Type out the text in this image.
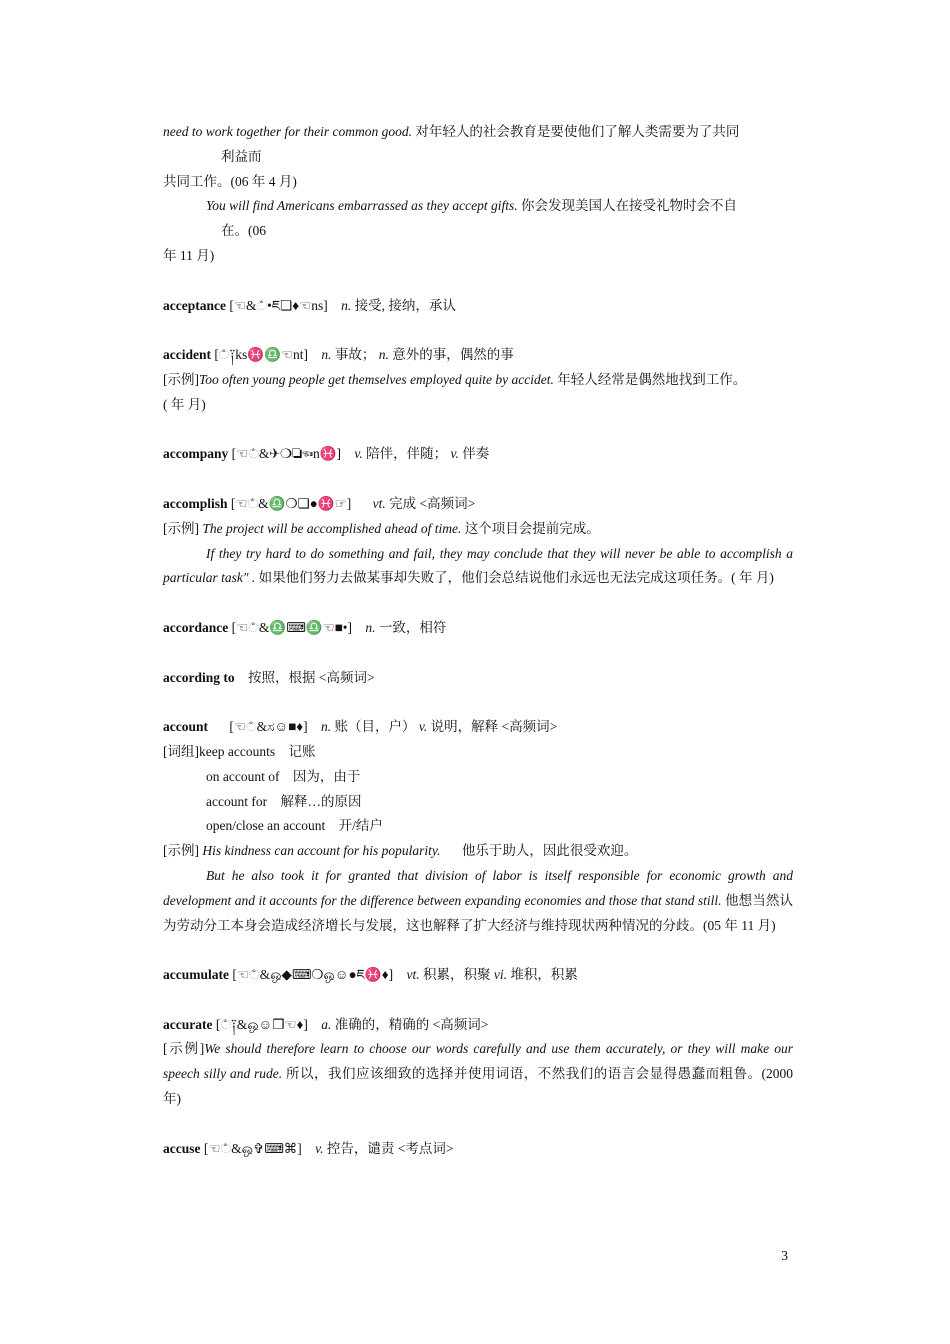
need to work together for their common good. 对年轻人的社会教育是要使他们了解人类需要为了共同
利益而
共同工作。(06 年 4 月)
You will find Americans embarrassed as they accept gifts. 你会发现美国人在接受礼物时会不自
在。(06
年 11 月)
acceptance [☜&ಁ•ཇ❏♦☜ns] n. 接受, 接纳，承认
accident [ಁ༑ks♓♎☜nt] n. 事故； n. 意外的事，偶然的事
[示例]Too often young people get themselves employed quite by accidet. 年轻人经常是偶然地找到工作。
( 年 月)
accompany [☜ಁ&✈❍❏☜n♓] v. 陪伴，伴随； v. 伴奏
accomplish [☜ಁ&♎❍❏●♓☞] vt. 完成 <高频词>
[示例] The project will be accomplished ahead of time. 这个项目会提前完成。
If they try hard to do something and fail, they may conclude that they will never be able to accomplish a particular task" . 如果他们努力去做某事却失败了，他们会总结说他们永远也无法完成这项任务。( 年 月)
accordance [☜ಁ&♎⌨♎☜■•] n. 一致，相符
according to 按照，根据 <高频词>
account [☜ಁ&ಸ☺■♦] n. 账（目，户） v. 说明，解释 <高频词>
[词组]keep accounts 记账
on account of 因为，由于
account for 解释…的原因
open/close an account 开/结户
[示例] His kindness can account for his popularity. 他乐于助人，因此很受欢迎。
But he also took it for granted that division of labor is itself responsible for economic growth and development and it accounts for the difference between expanding economies and those that stand still. 他想当然认为劳动分工本身会造成经济增长与发展，这也解释了扩大经济与维持现状两种情况的分歧。(05 年 11 月)
accumulate [☜ಁ&ஒ◆⌨❍ஒ☺●ཇ♓♦] vt. 积累，积聚 vi. 堆积，积累
accurate [ಁ༑&ஒ☺❒☜♦] a. 准确的，精确的 <高频词>
[示例]We should therefore learn to choose our words carefully and use them accurately, or they will make our speech silly and rude. 所以，我们应该细致的选择并使用词语，不然我们的语言会显得愚蠢而粗鲁。(2000 年)
accuse [☜ಁ&ஒ✞⌨⌘] v. 控告，谴责 <考点词>
3
